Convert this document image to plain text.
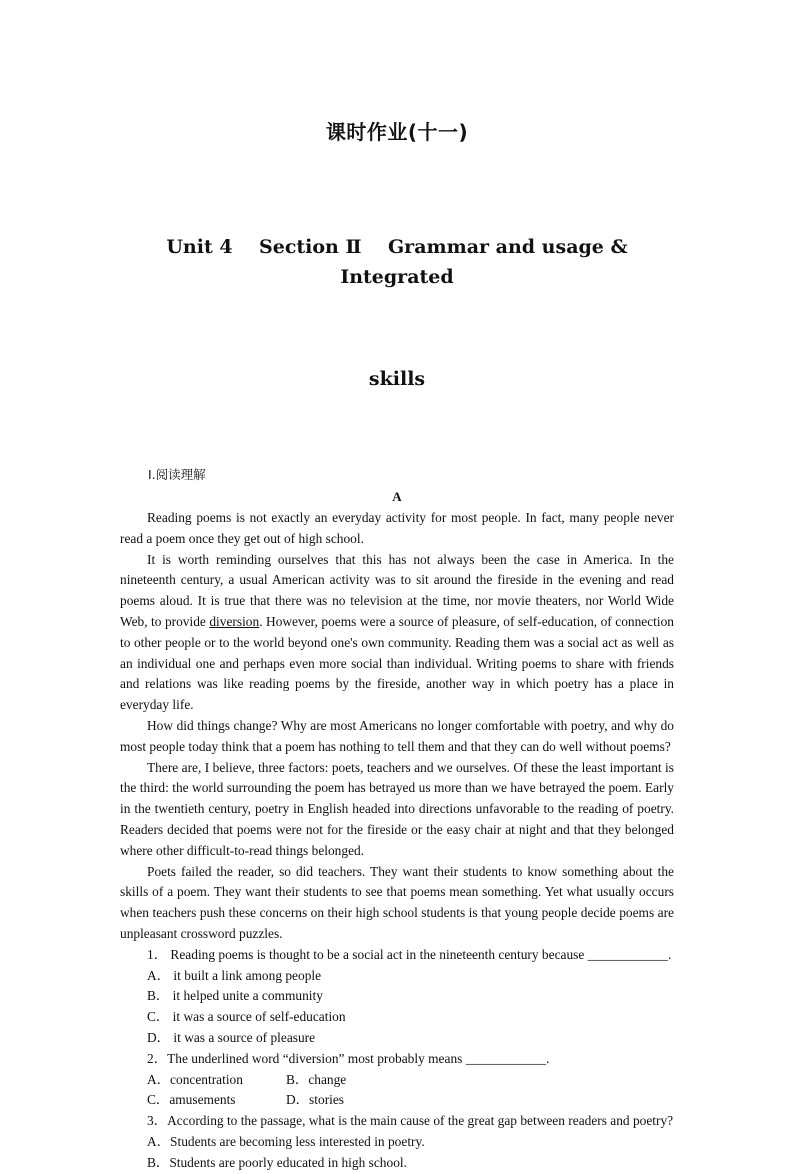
课时作业(十一)

Unit 4    Section Ⅱ    Grammar and usage & Integrated

skills

Ⅰ.阅读理解
A

Reading poems is not exactly an everyday activity for most people. In fact, many people never read a poem once they get out of high school.

It is worth reminding ourselves that this has not always been the case in America. In the nineteenth century, a usual American activity was to sit around the fireside in the evening and read poems aloud. It is true that there was no television at the time, nor movie theaters, nor World Wide Web, to provide diversion. However, poems were a source of pleasure, of self-education, of connection to other people or to the world beyond one's own community. Reading them was a social act as well as an individual one and perhaps even more social than individual. Writing poems to share with friends and relations was like reading poems by the fireside, another way in which poetry has a place in everyday life.

How did things change? Why are most Americans no longer comfortable with poetry, and why do most people today think that a poem has nothing to tell them and that they can do well without poems?

There are, I believe, three factors: poets, teachers and we ourselves. Of these the least important is the third: the world surrounding the poem has betrayed us more than we have betrayed the poem. Early in the twentieth century, poetry in English headed into directions unfavorable to the reading of poetry. Readers decided that poems were not for the fireside or the easy chair at night and that they belonged where other difficult-to-read things belonged.

Poets failed the reader, so did teachers. They want their students to know something about the skills of a poem. They want their students to see that poems mean something. Yet what usually occurs when teachers push these concerns on their high school students is that young people decide poems are unpleasant crossword puzzles.

1． Reading poems is thought to be a social act in the nineteenth century because ____________.

A． it built a link among people

B． it helped unite a community

C． it was a source of self-education

D． it was a source of pleasure

2．The underlined word “diversion” most probably means ____________.

A．concentration	B．change
C．amusements	D．stories

3．According to the passage, what is the main cause of the great gap between readers and poetry?

A．Students are becoming less interested in poetry.

B．Students are poorly educated in high school.
